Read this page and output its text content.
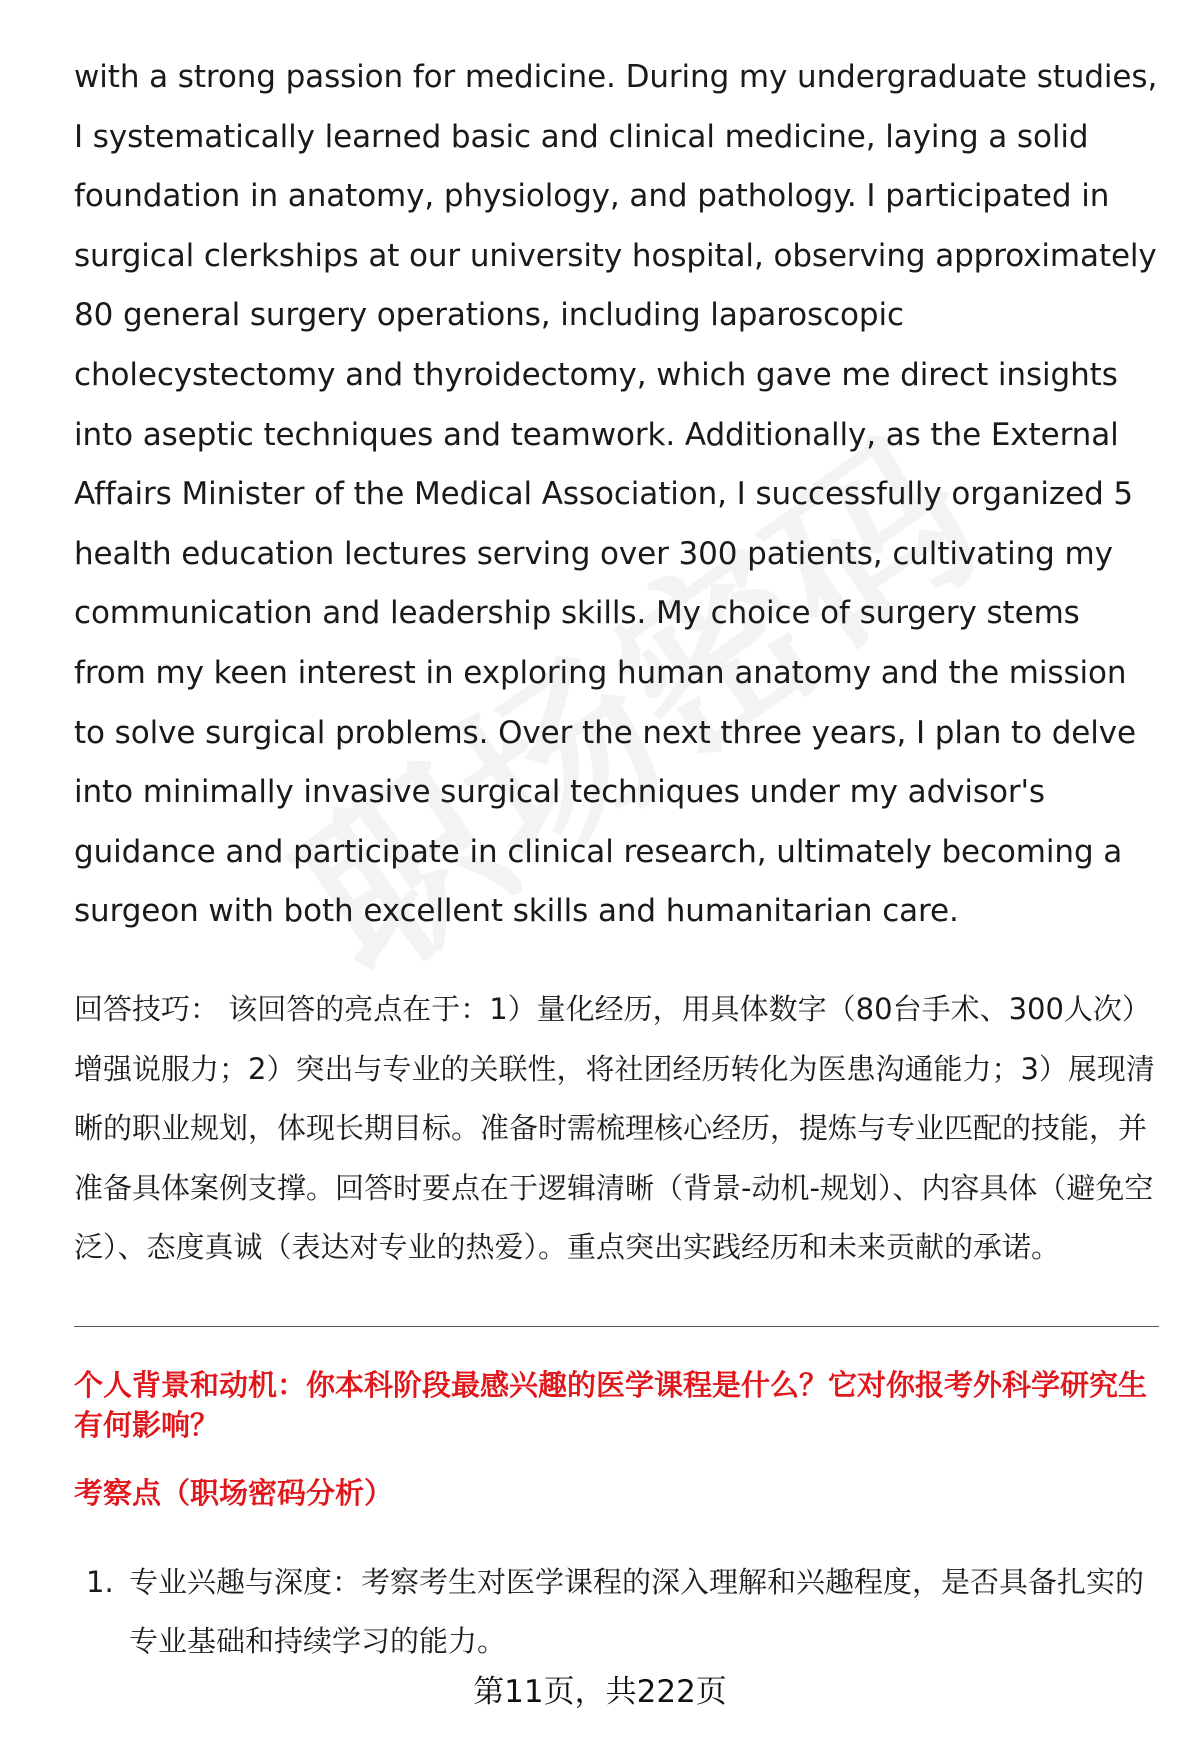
with a strong passion for medicine. During my undergraduate studies, I systematically learned basic and clinical medicine, laying a solid foundation in anatomy, physiology, and pathology. I participated in surgical clerkships at our university hospital, observing approximately 80 general surgery operations, including laparoscopic cholecystectomy and thyroidectomy, which gave me direct insights into aseptic techniques and teamwork. Additionally, as the External Affairs Minister of the Medical Association, I successfully organized 5 health education lectures serving over 300 patients, cultivating my communication and leadership skills. My choice of surgery stems from my keen interest in exploring human anatomy and the mission to solve surgical problems. Over the next three years, I plan to delve into minimally invasive surgical techniques under my advisor's guidance and participate in clinical research, ultimately becoming a surgeon with both excellent skills and humanitarian care.

回答技巧： 该回答的亮点在于：1）量化经历，用具体数字（80台手术、300人次）增强说服力；2）突出与专业的关联性，将社团经历转化为医患沟通能力；3）展现清晰的职业规划，体现长期目标。准备时需梳理核心经历，提炼与专业匹配的技能，并准备具体案例支撑。回答时要点在于逻辑清晰（背景-动机-规划）、内容具体（避免空泛）、态度真诚（表达对专业的热爱）。重点突出实践经历和未来贡献的承诺。

个人背景和动机：你本科阶段最感兴趣的医学课程是什么？它对你报考外科学研究生有何影响？
考察点（职场密码分析）
1. 专业兴趣与深度：考察考生对医学课程的深入理解和兴趣程度，是否具备扎实的专业基础和持续学习的能力。
第11页，共222页
